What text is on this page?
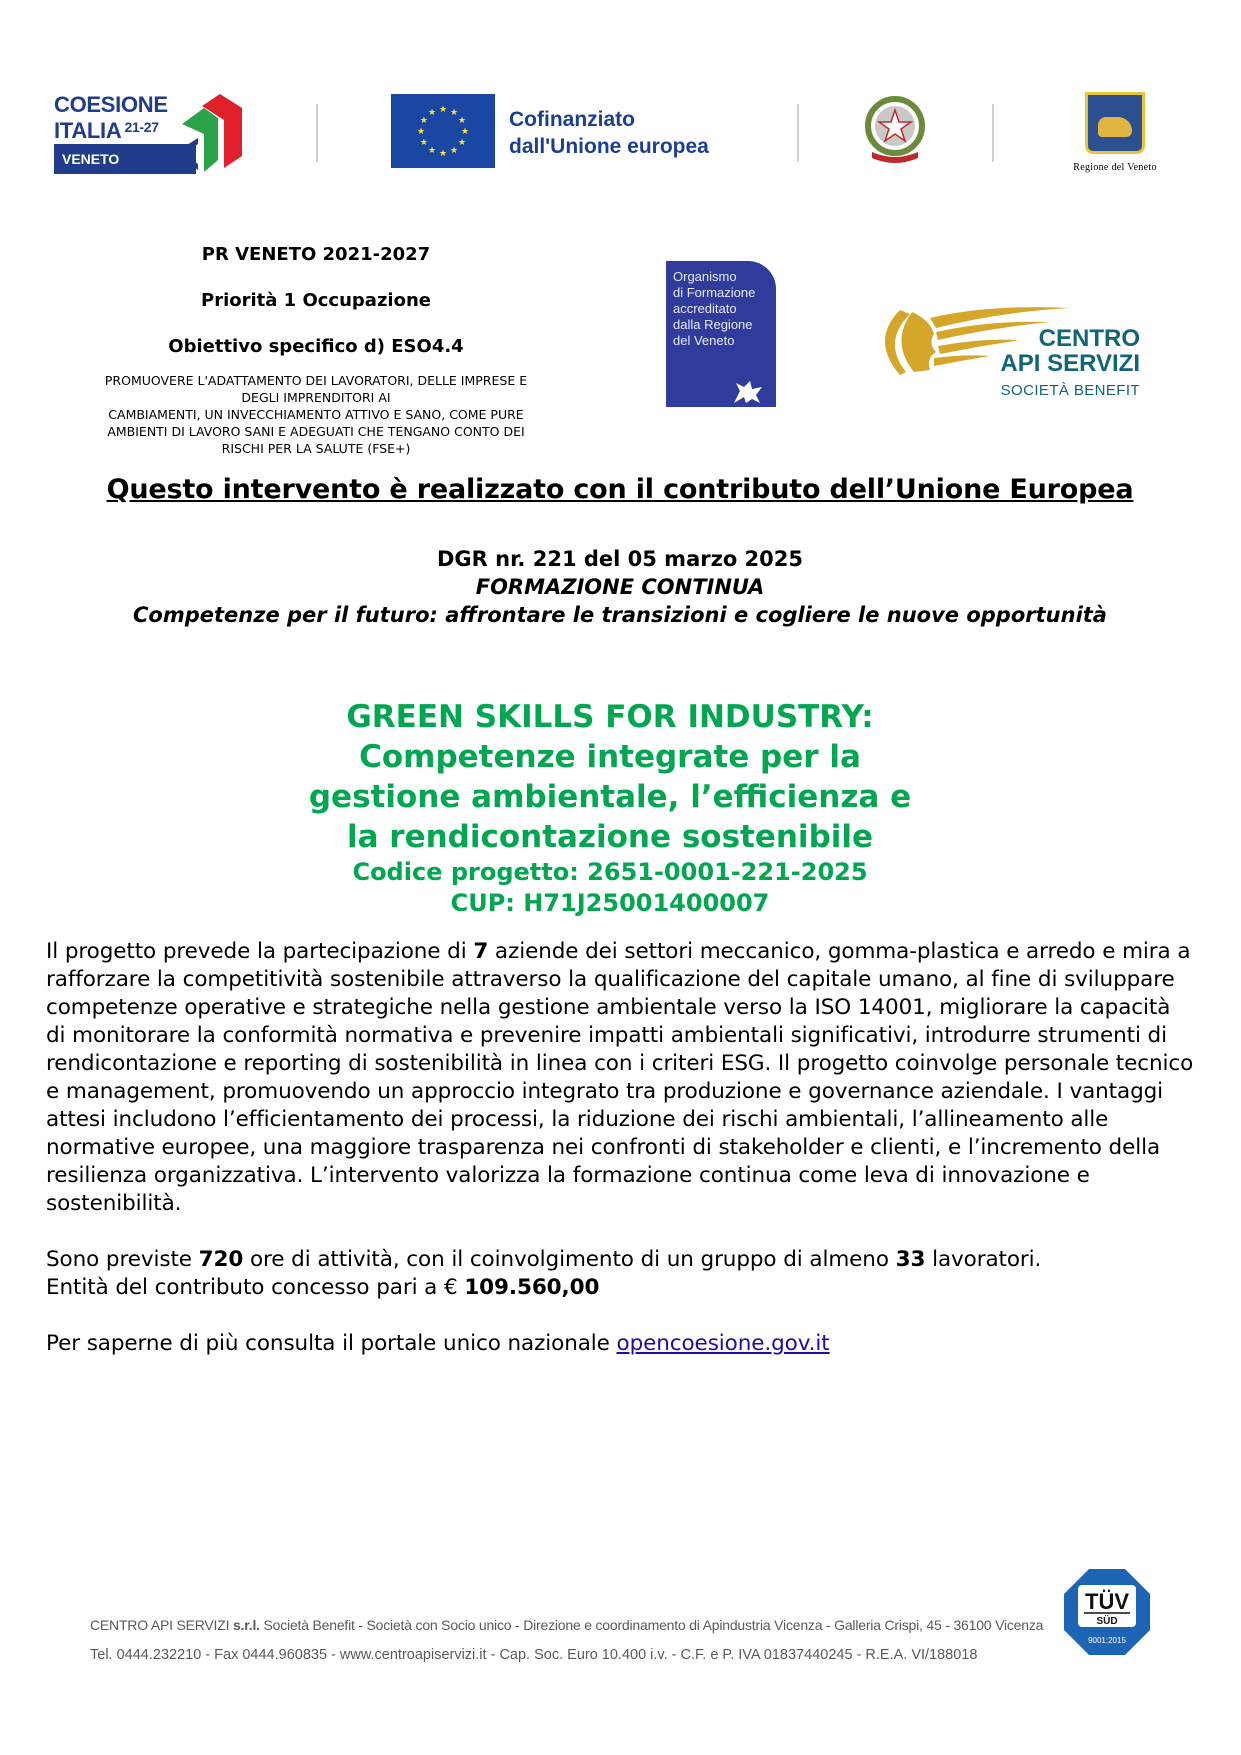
COESIONE
ITALIA $^{21-27}$
VENETO
★
★
★
★
★
★
★
★
★ ★ ★
★ Cofinanziato
dall'Unione europea
Regione del Veneto
PR VENETO 2021-2027
Priorità 1 Occupazione
Obiettivo specifico d) ESO4.4
PROMUOVERE L'ADATTAMENTO DEI LAVORATORI, DELLE IMPRESE E
DEGLI IMPRENDITORI AI
CAMBIAMENTI, UN INVECCHIAMENTO ATTIVO E SANO, COME PURE
AMBIENTI DI LAVORO SANI E ADEGUATI CHE TENGANO CONTO DEI
RISCHI PER LA SALUTE (FSE+)
Organismo
di Formazione
accreditato
dalla Regione
del Veneto	CENTRO
API SERVIZI
SOCIETÀ BENEFIT
Questo intervento è realizzato con il contributo dell’Unione Europea
DGR nr. 221 del 05 marzo 2025
FORMAZIONE CONTINUA
Competenze per il futuro: affrontare le transizioni e cogliere le nuove opportunità
GREEN SKILLS FOR INDUSTRY:
Competenze integrate per la
gestione ambientale, l’efficienza e
la rendicontazione sostenibile
Codice progetto: 2651-0001-221-2025
CUP: H71J25001400007

Il progetto prevede la partecipazione di 7 aziende dei settori meccanico, gomma-plastica e arredo e mira a rafforzare la competitività sostenibile attraverso la qualificazione del capitale umano, al fine di sviluppare competenze operative e strategiche nella gestione ambientale verso la ISO 14001, migliorare la capacità di monitorare la conformità normativa e prevenire impatti ambientali significativi, introdurre strumenti di rendicontazione e reporting di sostenibilità in linea con i criteri ESG. Il progetto coinvolge personale tecnico e management, promuovendo un approccio integrato tra produzione e governance aziendale. I vantaggi attesi includono l’efficientamento dei processi, la riduzione dei rischi ambientali, l’allineamento alle normative europee, una maggiore trasparenza nei confronti di stakeholder e clienti, e l’incremento della resilienza organizzativa. L’intervento valorizza la formazione continua come leva di innovazione e sostenibilità.

Sono previste 720 ore di attività, con il coinvolgimento di un gruppo di almeno 33 lavoratori.
Entità del contributo concesso pari a € 109.560,00

Per saperne di più consulta il portale unico nazionale opencoesione.gov.it

CENTRO API SERVIZI s.r.l. Società Benefit - Società con Socio unico - Direzione e coordinamento di Apindustria Vicenza - Galleria Crispi, 45 - 36100 Vicenza
Tel. 0444.232210 - Fax 0444.960835 - www.centroapiservizi.it - Cap. Soc. Euro 10.400 i.v. - C.F. e P. IVA 01837440245 - R.E.A. VI/188018
TÜV
SÜD
9001:2015
